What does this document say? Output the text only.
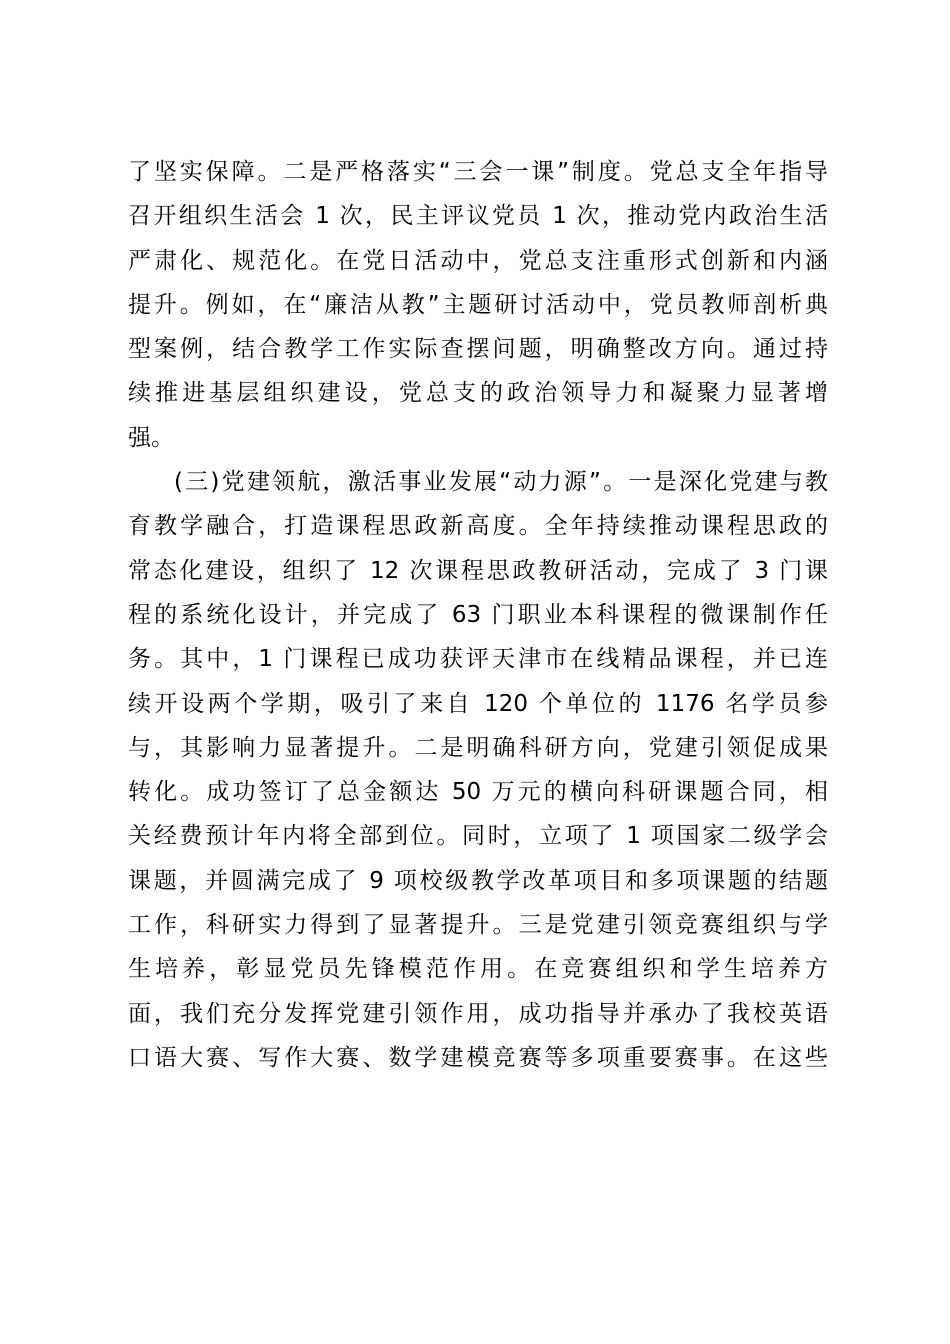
了坚实保障。二是严格落实“三会一课”制度。党总支全年指导
召开组织生活会 1 次，民主评议党员 1 次，推动党内政治生活
严肃化、规范化。在党日活动中，党总支注重形式创新和内涵
提升。例如，在“廉洁从教”主题研讨活动中，党员教师剖析典
型案例，结合教学工作实际查摆问题，明确整改方向。通过持
续推进基层组织建设，党总支的政治领导力和凝聚力显著增
强。
(三)党建领航，激活事业发展“动力源”。一是深化党建与教
育教学融合，打造课程思政新高度。全年持续推动课程思政的
常态化建设，组织了 12 次课程思政教研活动，完成了 3 门课
程的系统化设计，并完成了 63 门职业本科课程的微课制作任
务。其中，1 门课程已成功获评天津市在线精品课程，并已连
续开设两个学期，吸引了来自 120 个单位的 1176 名学员参
与，其影响力显著提升。二是明确科研方向，党建引领促成果
转化。成功签订了总金额达 50 万元的横向科研课题合同，相
关经费预计年内将全部到位。同时，立项了 1 项国家二级学会
课题，并圆满完成了 9 项校级教学改革项目和多项课题的结题
工作，科研实力得到了显著提升。三是党建引领竞赛组织与学
生培养，彰显党员先锋模范作用。在竞赛组织和学生培养方
面，我们充分发挥党建引领作用，成功指导并承办了我校英语
口语大赛、写作大赛、数学建模竞赛等多项重要赛事。在这些
